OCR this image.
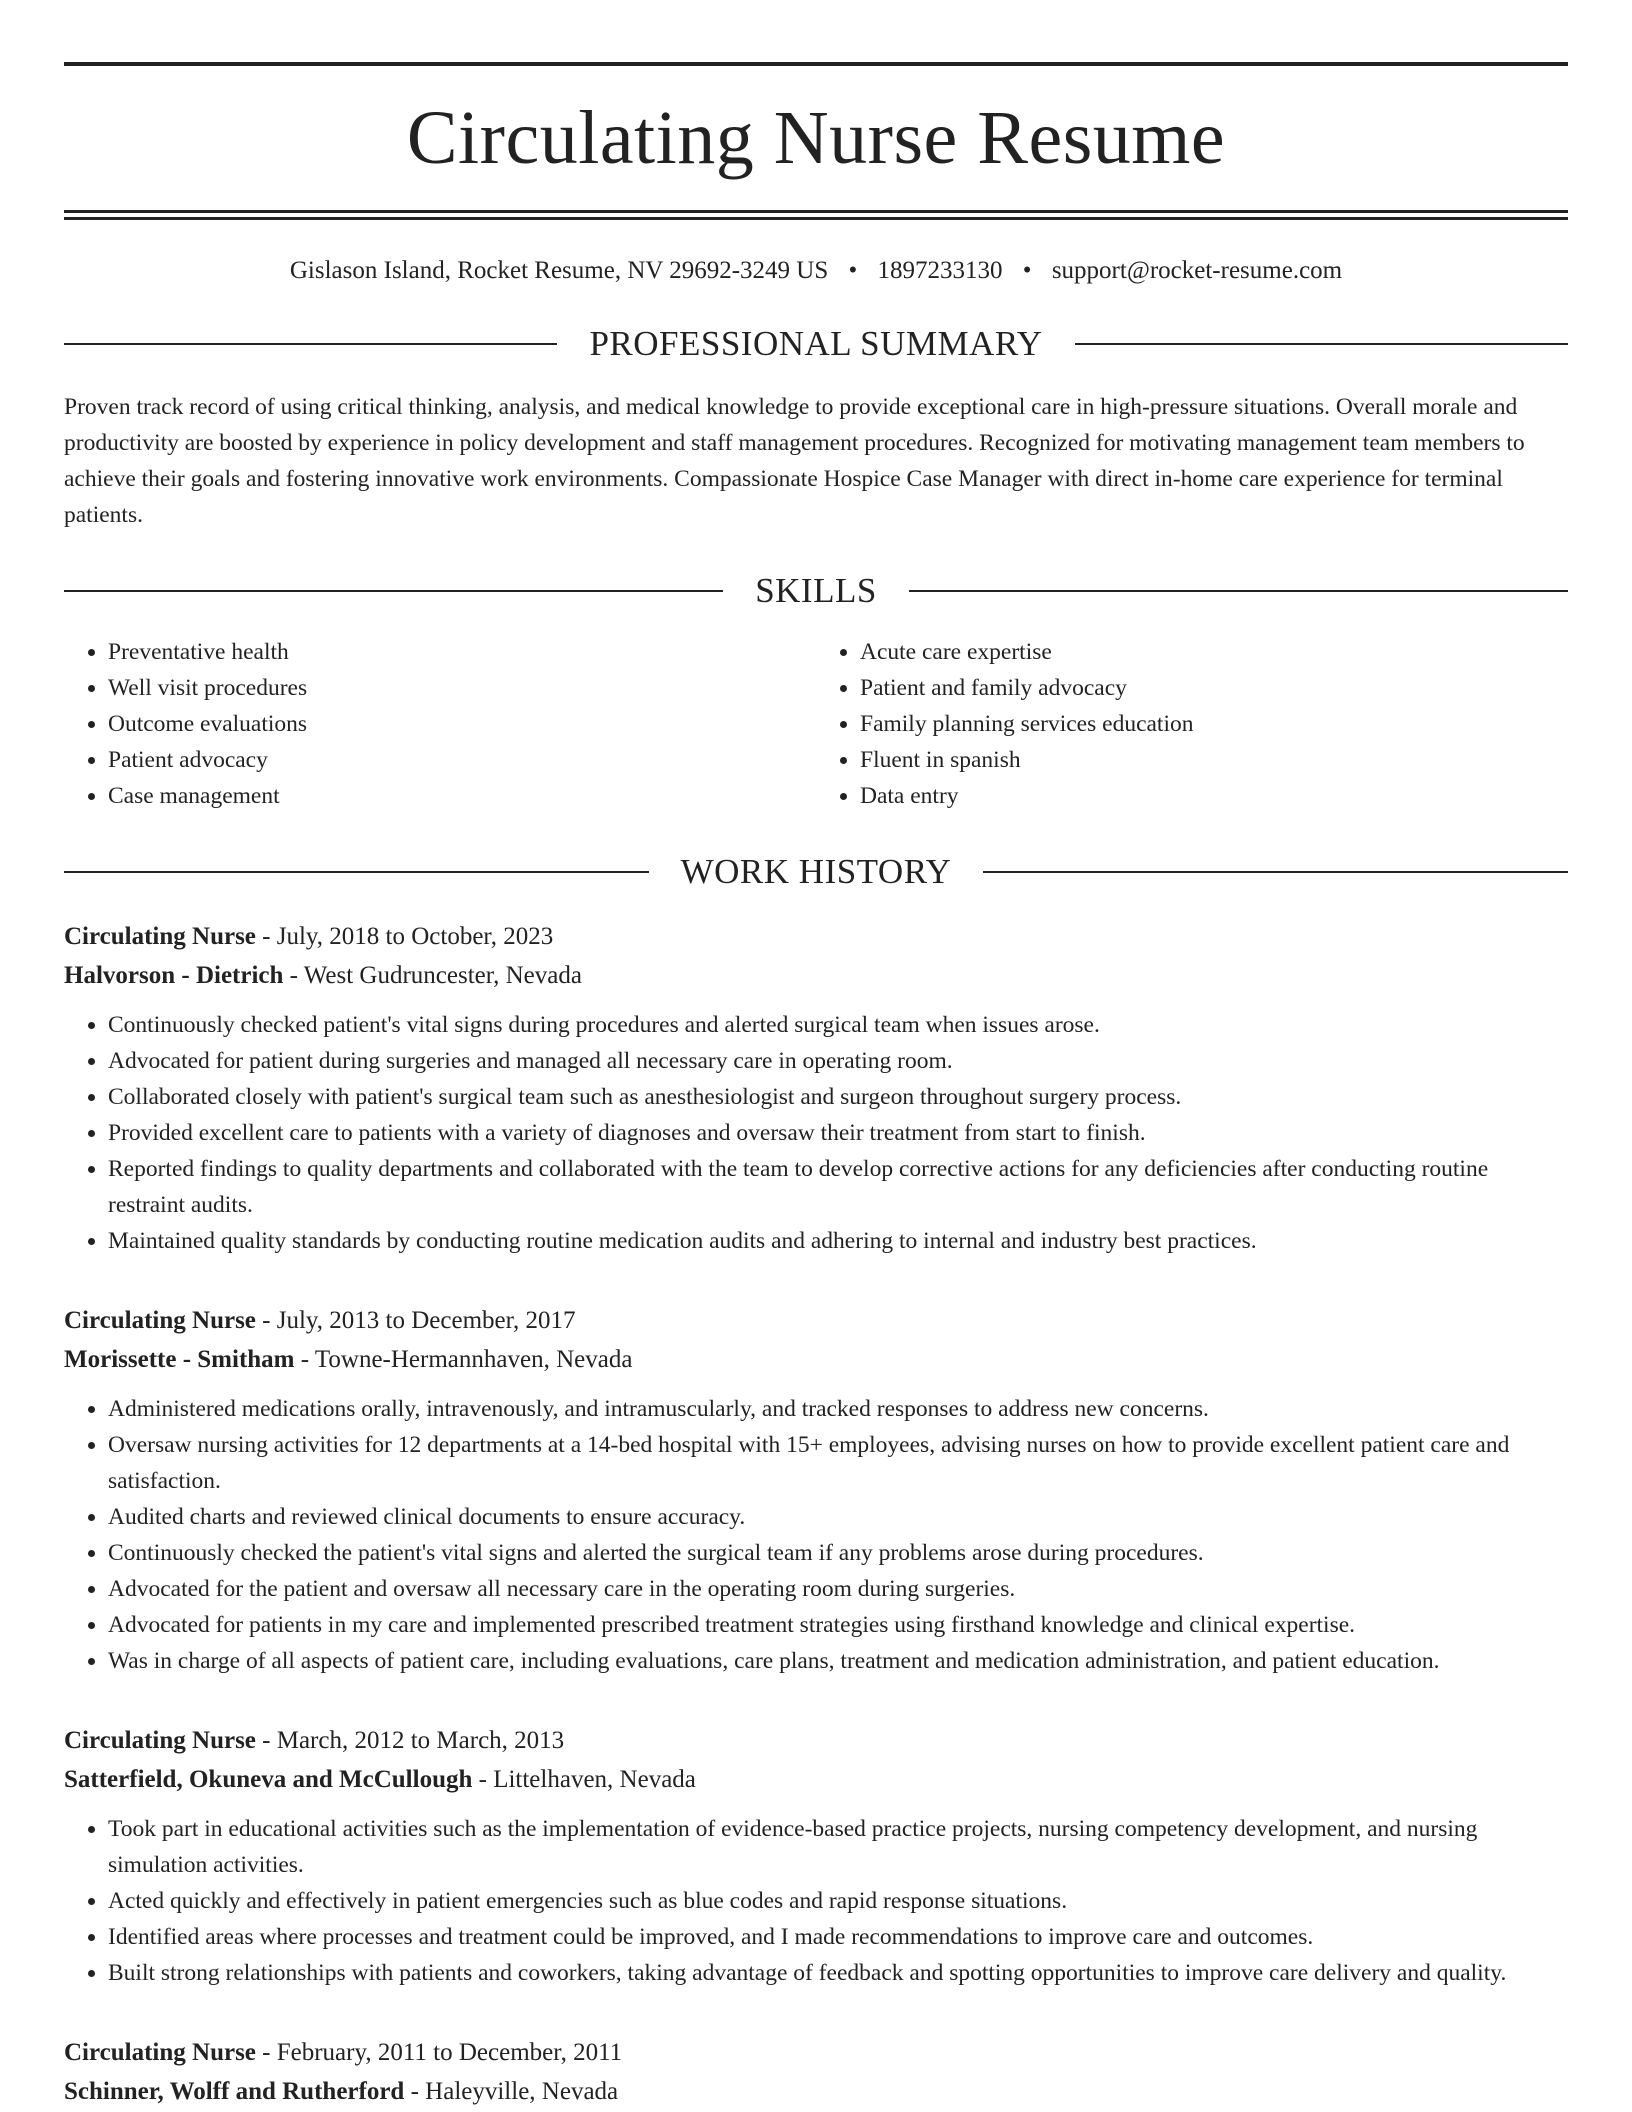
Circulating Nurse Resume
Gislason Island, Rocket Resume, NV 29692-3249 US • 1897233130 • support@rocket-resume.com
PROFESSIONAL SUMMARY

Proven track record of using critical thinking, analysis, and medical knowledge to provide exceptional care in high-pressure situations. Overall morale and productivity are boosted by experience in policy development and staff management procedures. Recognized for motivating management team members to achieve their goals and fostering innovative work environments. Compassionate Hospice Case Manager with direct in-home care experience for terminal patients.

SKILLS
• Preventative health
• Well visit procedures
• Outcome evaluations
• Patient advocacy
• Case management
• Acute care expertise
• Patient and family advocacy
• Family planning services education
• Fluent in spanish
• Data entry
WORK HISTORY
Circulating Nurse - July, 2018 to October, 2023
Halvorson - Dietrich - West Gudruncester, Nevada
• Continuously checked patient's vital signs during procedures and alerted surgical team when issues arose.
• Advocated for patient during surgeries and managed all necessary care in operating room.
• Collaborated closely with patient's surgical team such as anesthesiologist and surgeon throughout surgery process.
• Provided excellent care to patients with a variety of diagnoses and oversaw their treatment from start to finish.
• Reported findings to quality departments and collaborated with the team to develop corrective actions for any deficiencies after conducting routine restraint audits.
• Maintained quality standards by conducting routine medication audits and adhering to internal and industry best practices.
Circulating Nurse - July, 2013 to December, 2017
Morissette - Smitham - Towne-Hermannhaven, Nevada
• Administered medications orally, intravenously, and intramuscularly, and tracked responses to address new concerns.
• Oversaw nursing activities for 12 departments at a 14-bed hospital with 15+ employees, advising nurses on how to provide excellent patient care and satisfaction.
• Audited charts and reviewed clinical documents to ensure accuracy.
• Continuously checked the patient's vital signs and alerted the surgical team if any problems arose during procedures.
• Advocated for the patient and oversaw all necessary care in the operating room during surgeries.
• Advocated for patients in my care and implemented prescribed treatment strategies using firsthand knowledge and clinical expertise.
• Was in charge of all aspects of patient care, including evaluations, care plans, treatment and medication administration, and patient education.
Circulating Nurse - March, 2012 to March, 2013
Satterfield, Okuneva and McCullough - Littelhaven, Nevada
• Took part in educational activities such as the implementation of evidence-based practice projects, nursing competency development, and nursing simulation activities.
• Acted quickly and effectively in patient emergencies such as blue codes and rapid response situations.
• Identified areas where processes and treatment could be improved, and I made recommendations to improve care and outcomes.
• Built strong relationships with patients and coworkers, taking advantage of feedback and spotting opportunities to improve care delivery and quality.
Circulating Nurse - February, 2011 to December, 2011
Schinner, Wolff and Rutherford - Haleyville, Nevada
